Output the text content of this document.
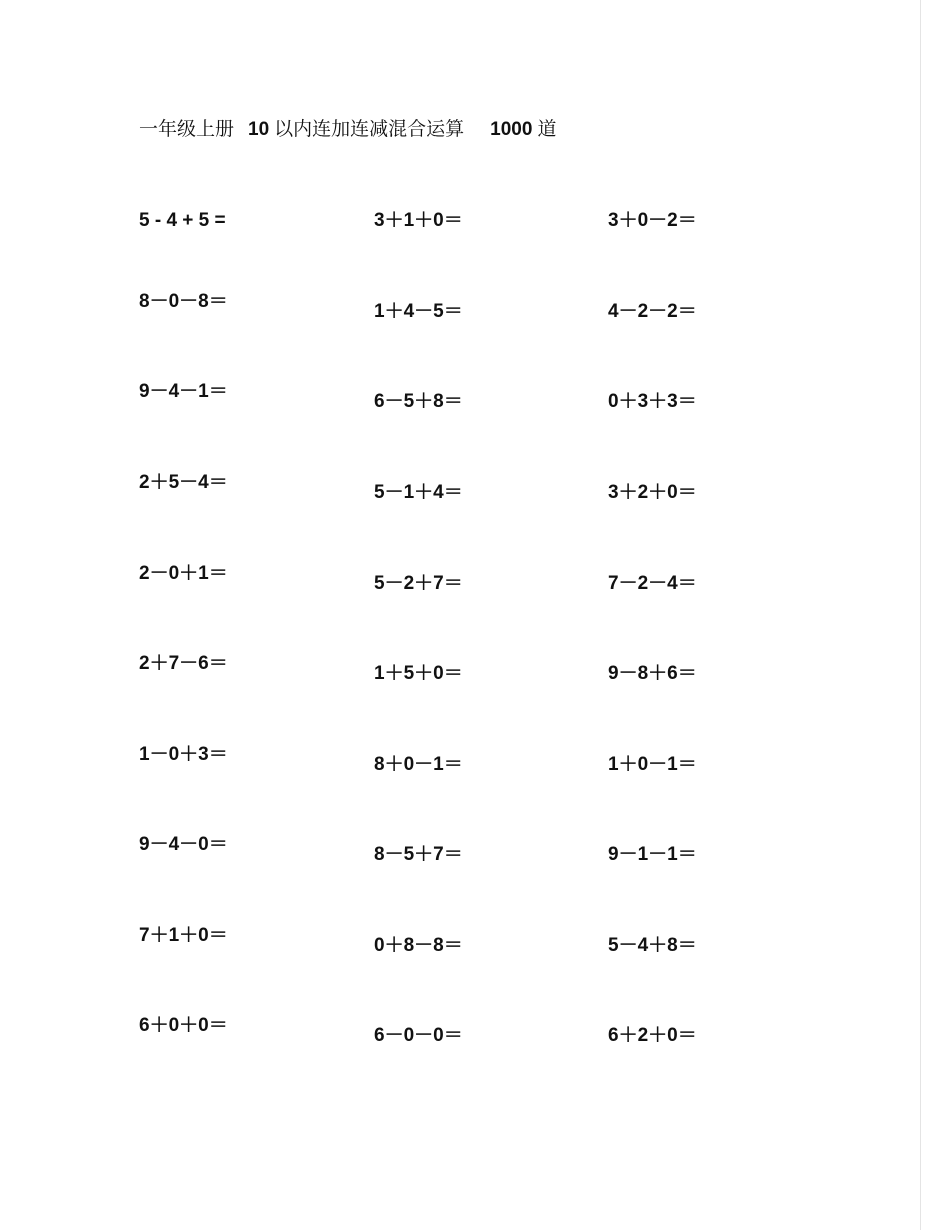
一年级上册 10 以内连加连减混合运算 1000 道
5 - 4 + 5 =
8－0－8＝
9－4－1＝
2＋5－4＝
2－0＋1＝
2＋7－6＝
1－0＋3＝
9－4－0＝
7＋1＋0＝
6＋0＋0＝
3＋1＋0＝
1＋4－5＝
6－5＋8＝
5－1＋4＝
5－2＋7＝
1＋5＋0＝
8＋0－1＝
8－5＋7＝
0＋8－8＝
6－0－0＝
3＋0－2＝
4－2－2＝
0＋3＋3＝
3＋2＋0＝
7－2－4＝
9－8＋6＝
1＋0－1＝
9－1－1＝
5－4＋8＝
6＋2＋0＝
